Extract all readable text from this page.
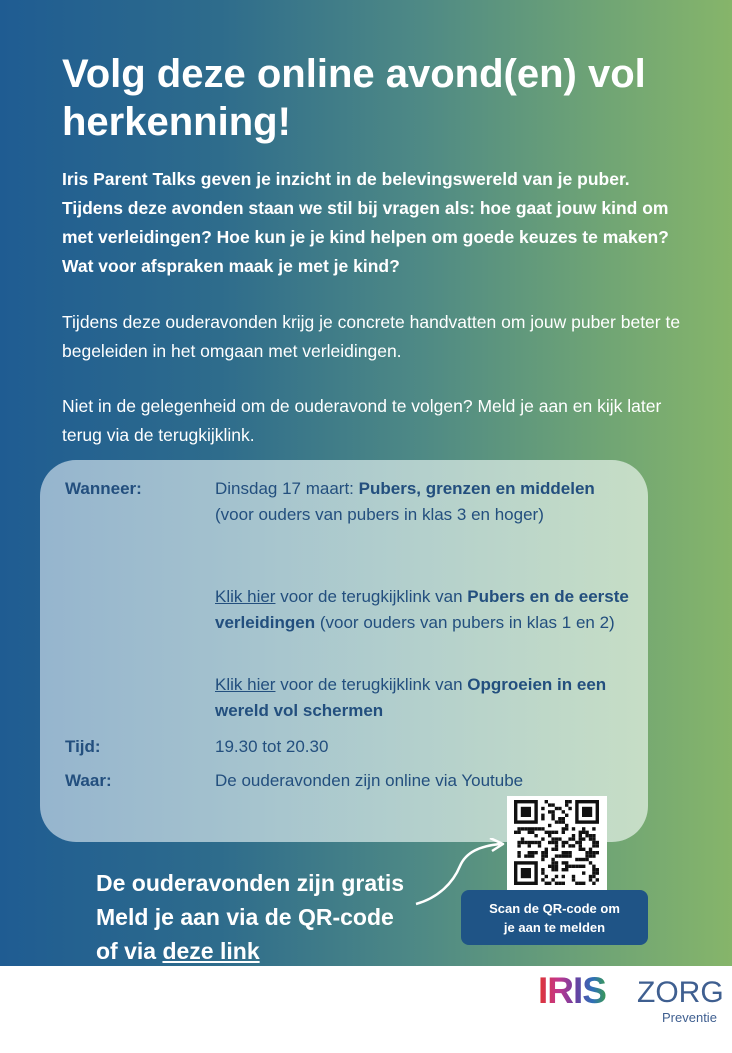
Volg deze online avond(en) vol herkenning!

Iris Parent Talks geven je inzicht in de belevingswereld van je puber. Tijdens deze avonden staan we stil bij vragen als: hoe gaat jouw kind om met verleidingen? Hoe kun je je kind helpen om goede keuzes te maken? Wat voor afspraken maak je met je kind?

Tijdens deze ouderavonden krijg je concrete handvatten om jouw puber beter te begeleiden in het omgaan met verleidingen.

Niet in de gelegenheid om de ouderavond te volgen? Meld je aan en kijk later terug via de terugkijklink.

Wanneer:	Dinsdag 17 maart: Pubers, grenzen en middelen (voor ouders van pubers in klas 3 en hoger)
Klik hier voor de terugkijklink van Pubers en de eerste verleidingen (voor ouders van pubers in klas 1 en 2)
Klik hier voor de terugkijklink van Opgroeien in een wereld vol schermen
Tijd:	19.30 tot 20.30
Waar:	De ouderavonden zijn online via Youtube
Scan de QR-code om je aan te melden
De ouderavonden zijn gratis
Meld je aan via de QR-code
of via deze link
IRIS ZORG
Preventie
